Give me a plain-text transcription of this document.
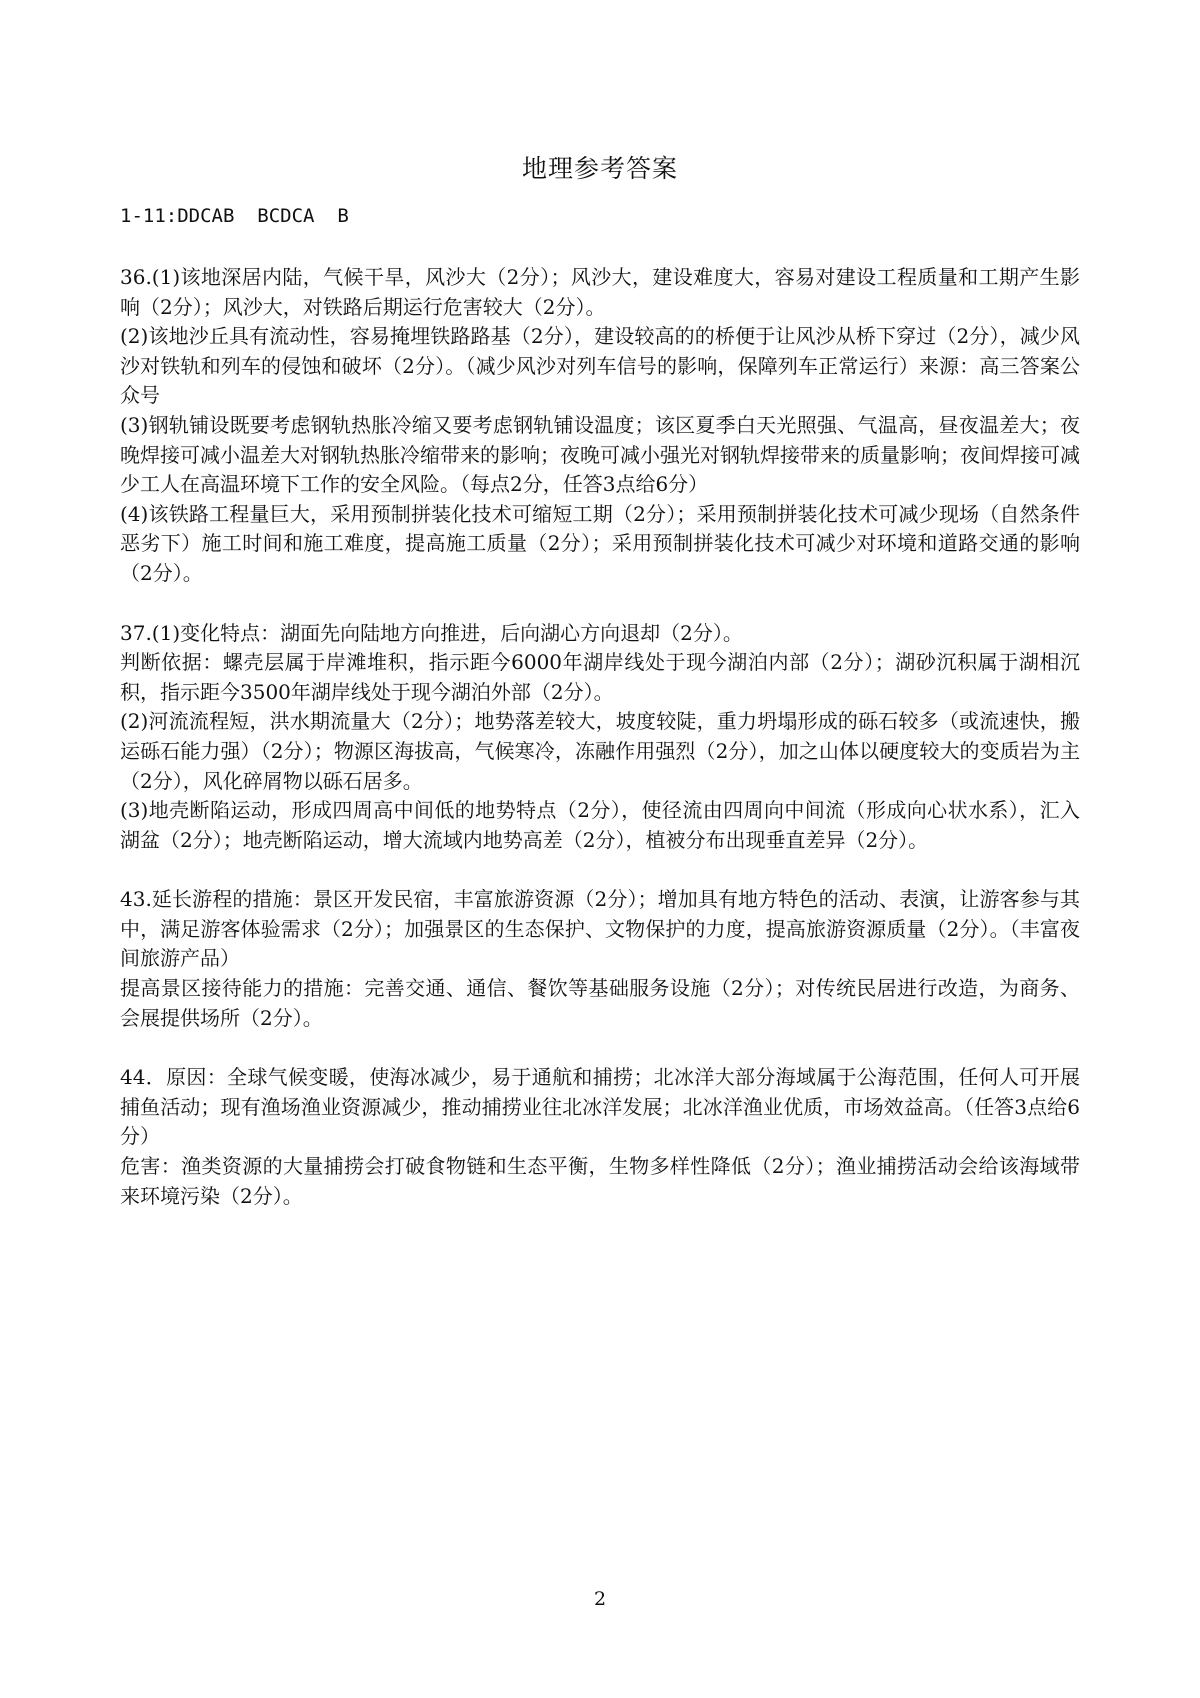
地理参考答案
1-11:DDCAB  BCDCA  B

36.(1)该地深居内陆，气候干旱，风沙大（2分）；风沙大，建设难度大，容易对建设工程质量和工期产生影响（2分）；风沙大，对铁路后期运行危害较大（2分）。

(2)该地沙丘具有流动性，容易掩埋铁路路基（2分），建设较高的的桥便于让风沙从桥下穿过（2分），减少风沙对铁轨和列车的侵蚀和破坏（2分）。（减少风沙对列车信号的影响，保障列车正常运行）来源：高三答案公众号

(3)钢轨铺设既要考虑钢轨热胀冷缩又要考虑钢轨铺设温度；该区夏季白天光照强、气温高，昼夜温差大；夜晚焊接可减小温差大对钢轨热胀冷缩带来的影响；夜晚可减小强光对钢轨焊接带来的质量影响；夜间焊接可减少工人在高温环境下工作的安全风险。（每点2分，任答3点给6分）

(4)该铁路工程量巨大，采用预制拼装化技术可缩短工期（2分）；采用预制拼装化技术可减少现场（自然条件恶劣下）施工时间和施工难度，提高施工质量（2分）；采用预制拼装化技术可减少对环境和道路交通的影响（2分）。

37.(1)变化特点：湖面先向陆地方向推进，后向湖心方向退却（2分）。

判断依据：螺壳层属于岸滩堆积，指示距今6000年湖岸线处于现今湖泊内部（2分）；湖砂沉积属于湖相沉积，指示距今3500年湖岸线处于现今湖泊外部（2分）。

(2)河流流程短，洪水期流量大（2分）；地势落差较大，坡度较陡，重力坍塌形成的砾石较多（或流速快，搬运砾石能力强）（2分）；物源区海拔高，气候寒冷，冻融作用强烈（2分），加之山体以硬度较大的变质岩为主（2分），风化碎屑物以砾石居多。

(3)地壳断陷运动，形成四周高中间低的地势特点（2分），使径流由四周向中间流（形成向心状水系），汇入湖盆（2分）；地壳断陷运动，增大流域内地势高差（2分），植被分布出现垂直差异（2分）。

43.延长游程的措施：景区开发民宿，丰富旅游资源（2分）；增加具有地方特色的活动、表演，让游客参与其中，满足游客体验需求（2分）；加强景区的生态保护、文物保护的力度，提高旅游资源质量（2分）。（丰富夜间旅游产品）

提高景区接待能力的措施：完善交通、通信、餐饮等基础服务设施（2分）；对传统民居进行改造，为商务、会展提供场所（2分）。

44．原因：全球气候变暖，使海冰减少，易于通航和捕捞；北冰洋大部分海域属于公海范围，任何人可开展捕鱼活动；现有渔场渔业资源减少，推动捕捞业往北冰洋发展；北冰洋渔业优质，市场效益高。（任答3点给6分）

危害：渔类资源的大量捕捞会打破食物链和生态平衡，生物多样性降低（2分）；渔业捕捞活动会给该海域带来环境污染（2分）。

2
